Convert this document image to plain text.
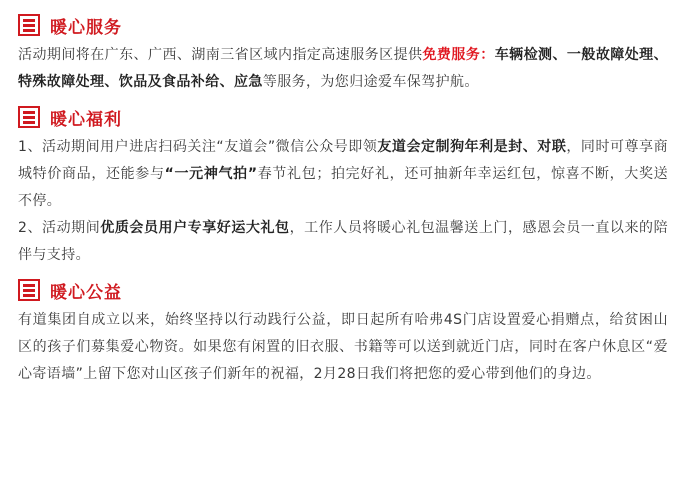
暖心服务

活动期间将在广东、广西、湖南三省区域内指定高速服务区提供免费服务：车辆检测、一般故障处理、特殊故障处理、饮品及食品补给、应急等服务，为您归途爱车保驾护航。

暖心福利

1、活动期间用户进店扫码关注“友道会”微信公众号即领友道会定制狗年利是封、对联，同时可尊享商城特价商品，还能参与“一元神气拍”春节礼包；拍完好礼，还可抽新年幸运红包，惊喜不断，大奖送不停。

2、活动期间优质会员用户专享好运大礼包，工作人员将暖心礼包温馨送上门，感恩会员一直以来的陪伴与支持。

暖心公益

有道集团自成立以来，始终坚持以行动践行公益，即日起所有哈弗4S门店设置爱心捐赠点，给贫困山区的孩子们募集爱心物资。如果您有闲置的旧衣服、书籍等可以送到就近门店，同时在客户休息区“爱心寄语墙”上留下您对山区孩子们新年的祝福，2月28日我们将把您的爱心带到他们的身边。
